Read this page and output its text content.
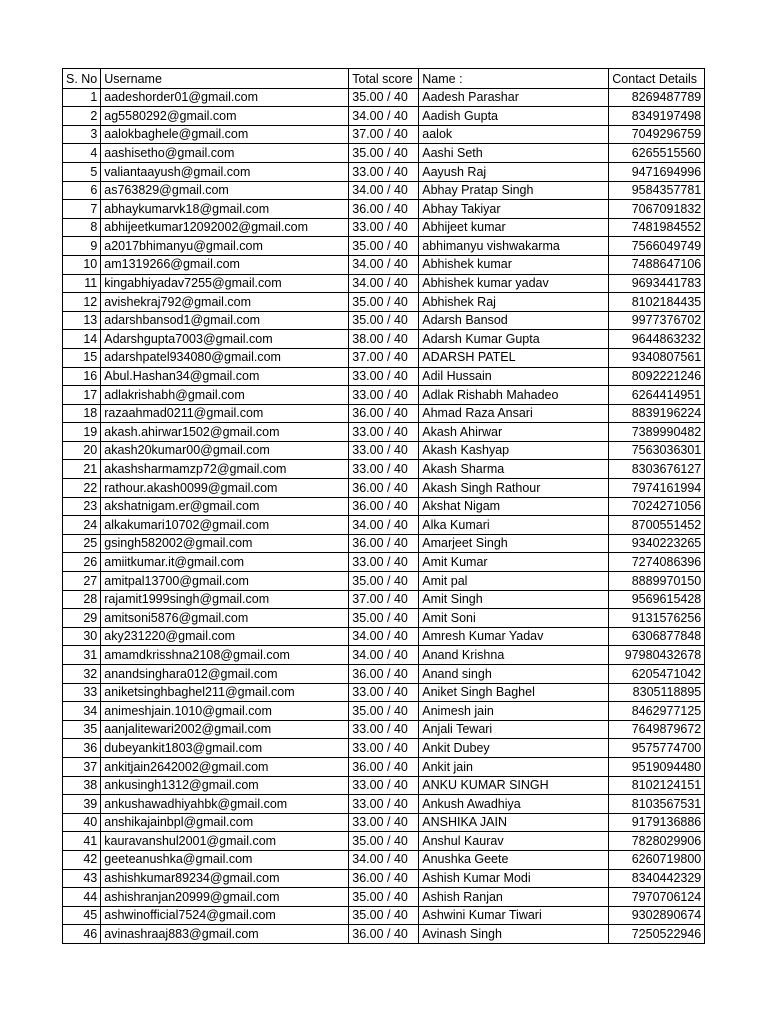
S. No	Username	Total score	Name :	Contact Details
1	aadeshorder01@gmail.com	35.00 / 40	Aadesh Parashar	8269487789
2	ag5580292@gmail.com	34.00 / 40	Aadish Gupta	8349197498
3	aalokbaghele@gmail.com	37.00 / 40	aalok	7049296759
4	aashisetho@gmail.com	35.00 / 40	Aashi Seth	6265515560
5	valiantaayush@gmail.com	33.00 / 40	Aayush Raj	9471694996
6	as763829@gmail.com	34.00 / 40	Abhay Pratap Singh	9584357781
7	abhaykumarvk18@gmail.com	36.00 / 40	Abhay Takiyar	7067091832
8	abhijeetkumar12092002@gmail.com	33.00 / 40	Abhijeet kumar	7481984552
9	a2017bhimanyu@gmail.com	35.00 / 40	abhimanyu vishwakarma	7566049749
10	am1319266@gmail.com	34.00 / 40	Abhishek kumar	7488647106
11	kingabhiyadav7255@gmail.com	34.00 / 40	Abhishek kumar yadav	9693441783
12	avishekraj792@gmail.com	35.00 / 40	Abhishek Raj	8102184435
13	adarshbansod1@gmail.com	35.00 / 40	Adarsh Bansod	9977376702
14	Adarshgupta7003@gmail.com	38.00 / 40	Adarsh Kumar Gupta	9644863232
15	adarshpatel934080@gmail.com	37.00 / 40	ADARSH PATEL	9340807561
16	Abul.Hashan34@gmail.com	33.00 / 40	Adil Hussain	8092221246
17	adlakrishabh@gmail.com	33.00 / 40	Adlak Rishabh Mahadeo	6264414951
18	razaahmad0211@gmail.com	36.00 / 40	Ahmad Raza Ansari	8839196224
19	akash.ahirwar1502@gmail.com	33.00 / 40	Akash Ahirwar	7389990482
20	akash20kumar00@gmail.com	33.00 / 40	Akash Kashyap	7563036301
21	akashsharmamzp72@gmail.com	33.00 / 40	Akash Sharma	8303676127
22	rathour.akash0099@gmail.com	36.00 / 40	Akash Singh Rathour	7974161994
23	akshatnigam.er@gmail.com	36.00 / 40	Akshat Nigam	7024271056
24	alkakumari10702@gmail.com	34.00 / 40	Alka Kumari	8700551452
25	gsingh582002@gmail.com	36.00 / 40	Amarjeet Singh	9340223265
26	amiitkumar.it@gmail.com	33.00 / 40	Amit Kumar	7274086396
27	amitpal13700@gmail.com	35.00 / 40	Amit pal	8889970150
28	rajamit1999singh@gmail.com	37.00 / 40	Amit Singh	9569615428
29	amitsoni5876@gmail.com	35.00 / 40	Amit Soni	9131576256
30	aky231220@gmail.com	34.00 / 40	Amresh Kumar Yadav	6306877848
31	amamdkrisshna2108@gmail.com	34.00 / 40	Anand Krishna	97980432678
32	anandsinghara012@gmail.com	36.00 / 40	Anand singh	6205471042
33	aniketsinghbaghel211@gmail.com	33.00 / 40	Aniket Singh Baghel	8305118895
34	animeshjain.1010@gmail.com	35.00 / 40	Animesh jain	8462977125
35	aanjalitewari2002@gmail.com	33.00 / 40	Anjali Tewari	7649879672
36	dubeyankit1803@gmail.com	33.00 / 40	Ankit Dubey	9575774700
37	ankitjain2642002@gmail.com	36.00 / 40	Ankit jain	9519094480
38	ankusingh1312@gmail.com	33.00 / 40	ANKU KUMAR SINGH	8102124151
39	ankushawadhiyahbk@gmail.com	33.00 / 40	Ankush Awadhiya	8103567531
40	anshikajainbpl@gmail.com	33.00 / 40	ANSHIKA JAIN	9179136886
41	kauravanshul2001@gmail.com	35.00 / 40	Anshul Kaurav	7828029906
42	geeteanushka@gmail.com	34.00 / 40	Anushka Geete	6260719800
43	ashishkumar89234@gmail.com	36.00 / 40	Ashish Kumar Modi	8340442329
44	ashishranjan20999@gmail.com	35.00 / 40	Ashish Ranjan	7970706124
45	ashwinofficial7524@gmail.com	35.00 / 40	Ashwini Kumar Tiwari	9302890674
46	avinashraaj883@gmail.com	36.00 / 40	Avinash Singh	7250522946
